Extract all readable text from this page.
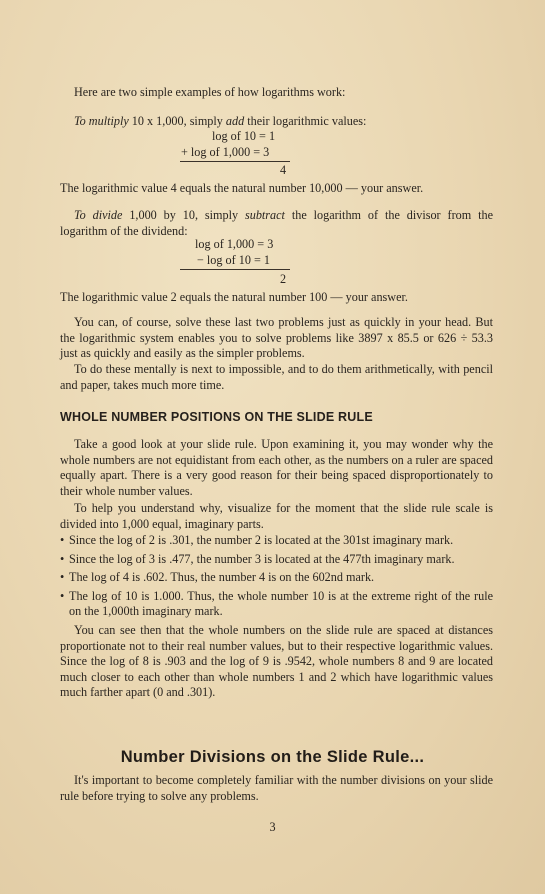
Here are two simple examples of how logarithms work:

To multiply 10 x 1,000, simply add their logarithmic values:

log of 10 = 1
+ log of 1,000 = 3
4

The logarithmic value 4 equals the natural number 10,000 — your answer.

To divide 1,000 by 10, simply subtract the logarithm of the divisor from the logarithm of the dividend:

log of 1,000 = 3
− log of 10 = 1
2

The logarithmic value 2 equals the natural number 100 — your answer.

You can, of course, solve these last two problems just as quickly in your head. But the logarithmic system enables you to solve problems like 3897 x 85.5 or 626 ÷ 53.3 just as quickly and easily as the simpler problems.

To do these mentally is next to impossible, and to do them arithmetically, with pencil and paper, takes much more time.

WHOLE NUMBER POSITIONS ON THE SLIDE RULE

Take a good look at your slide rule. Upon examining it, you may wonder why the whole numbers are not equidistant from each other, as the numbers on a ruler are spaced equally apart. There is a very good reason for their being spaced disproportionately to their whole number values.

To help you understand why, visualize for the moment that the slide rule scale is divided into 1,000 equal, imaginary parts.

• Since the log of 2 is .301, the number 2 is located at the 301st imaginary mark.
• Since the log of 3 is .477, the number 3 is located at the 477th imaginary mark.
• The log of 4 is .602. Thus, the number 4 is on the 602nd mark.
• The log of 10 is 1.000. Thus, the whole number 10 is at the extreme right of the rule on the 1,000th imaginary mark.

You can see then that the whole numbers on the slide rule are spaced at distances proportionate not to their real number values, but to their respective logarithmic values. Since the log of 8 is .903 and the log of 9 is .9542, whole numbers 8 and 9 are located much closer to each other than whole numbers 1 and 2 which have logarithmic values much farther apart (0 and .301).

Number Divisions on the Slide Rule...

It's important to become completely familiar with the number divisions on your slide rule before trying to solve any problems.

3
